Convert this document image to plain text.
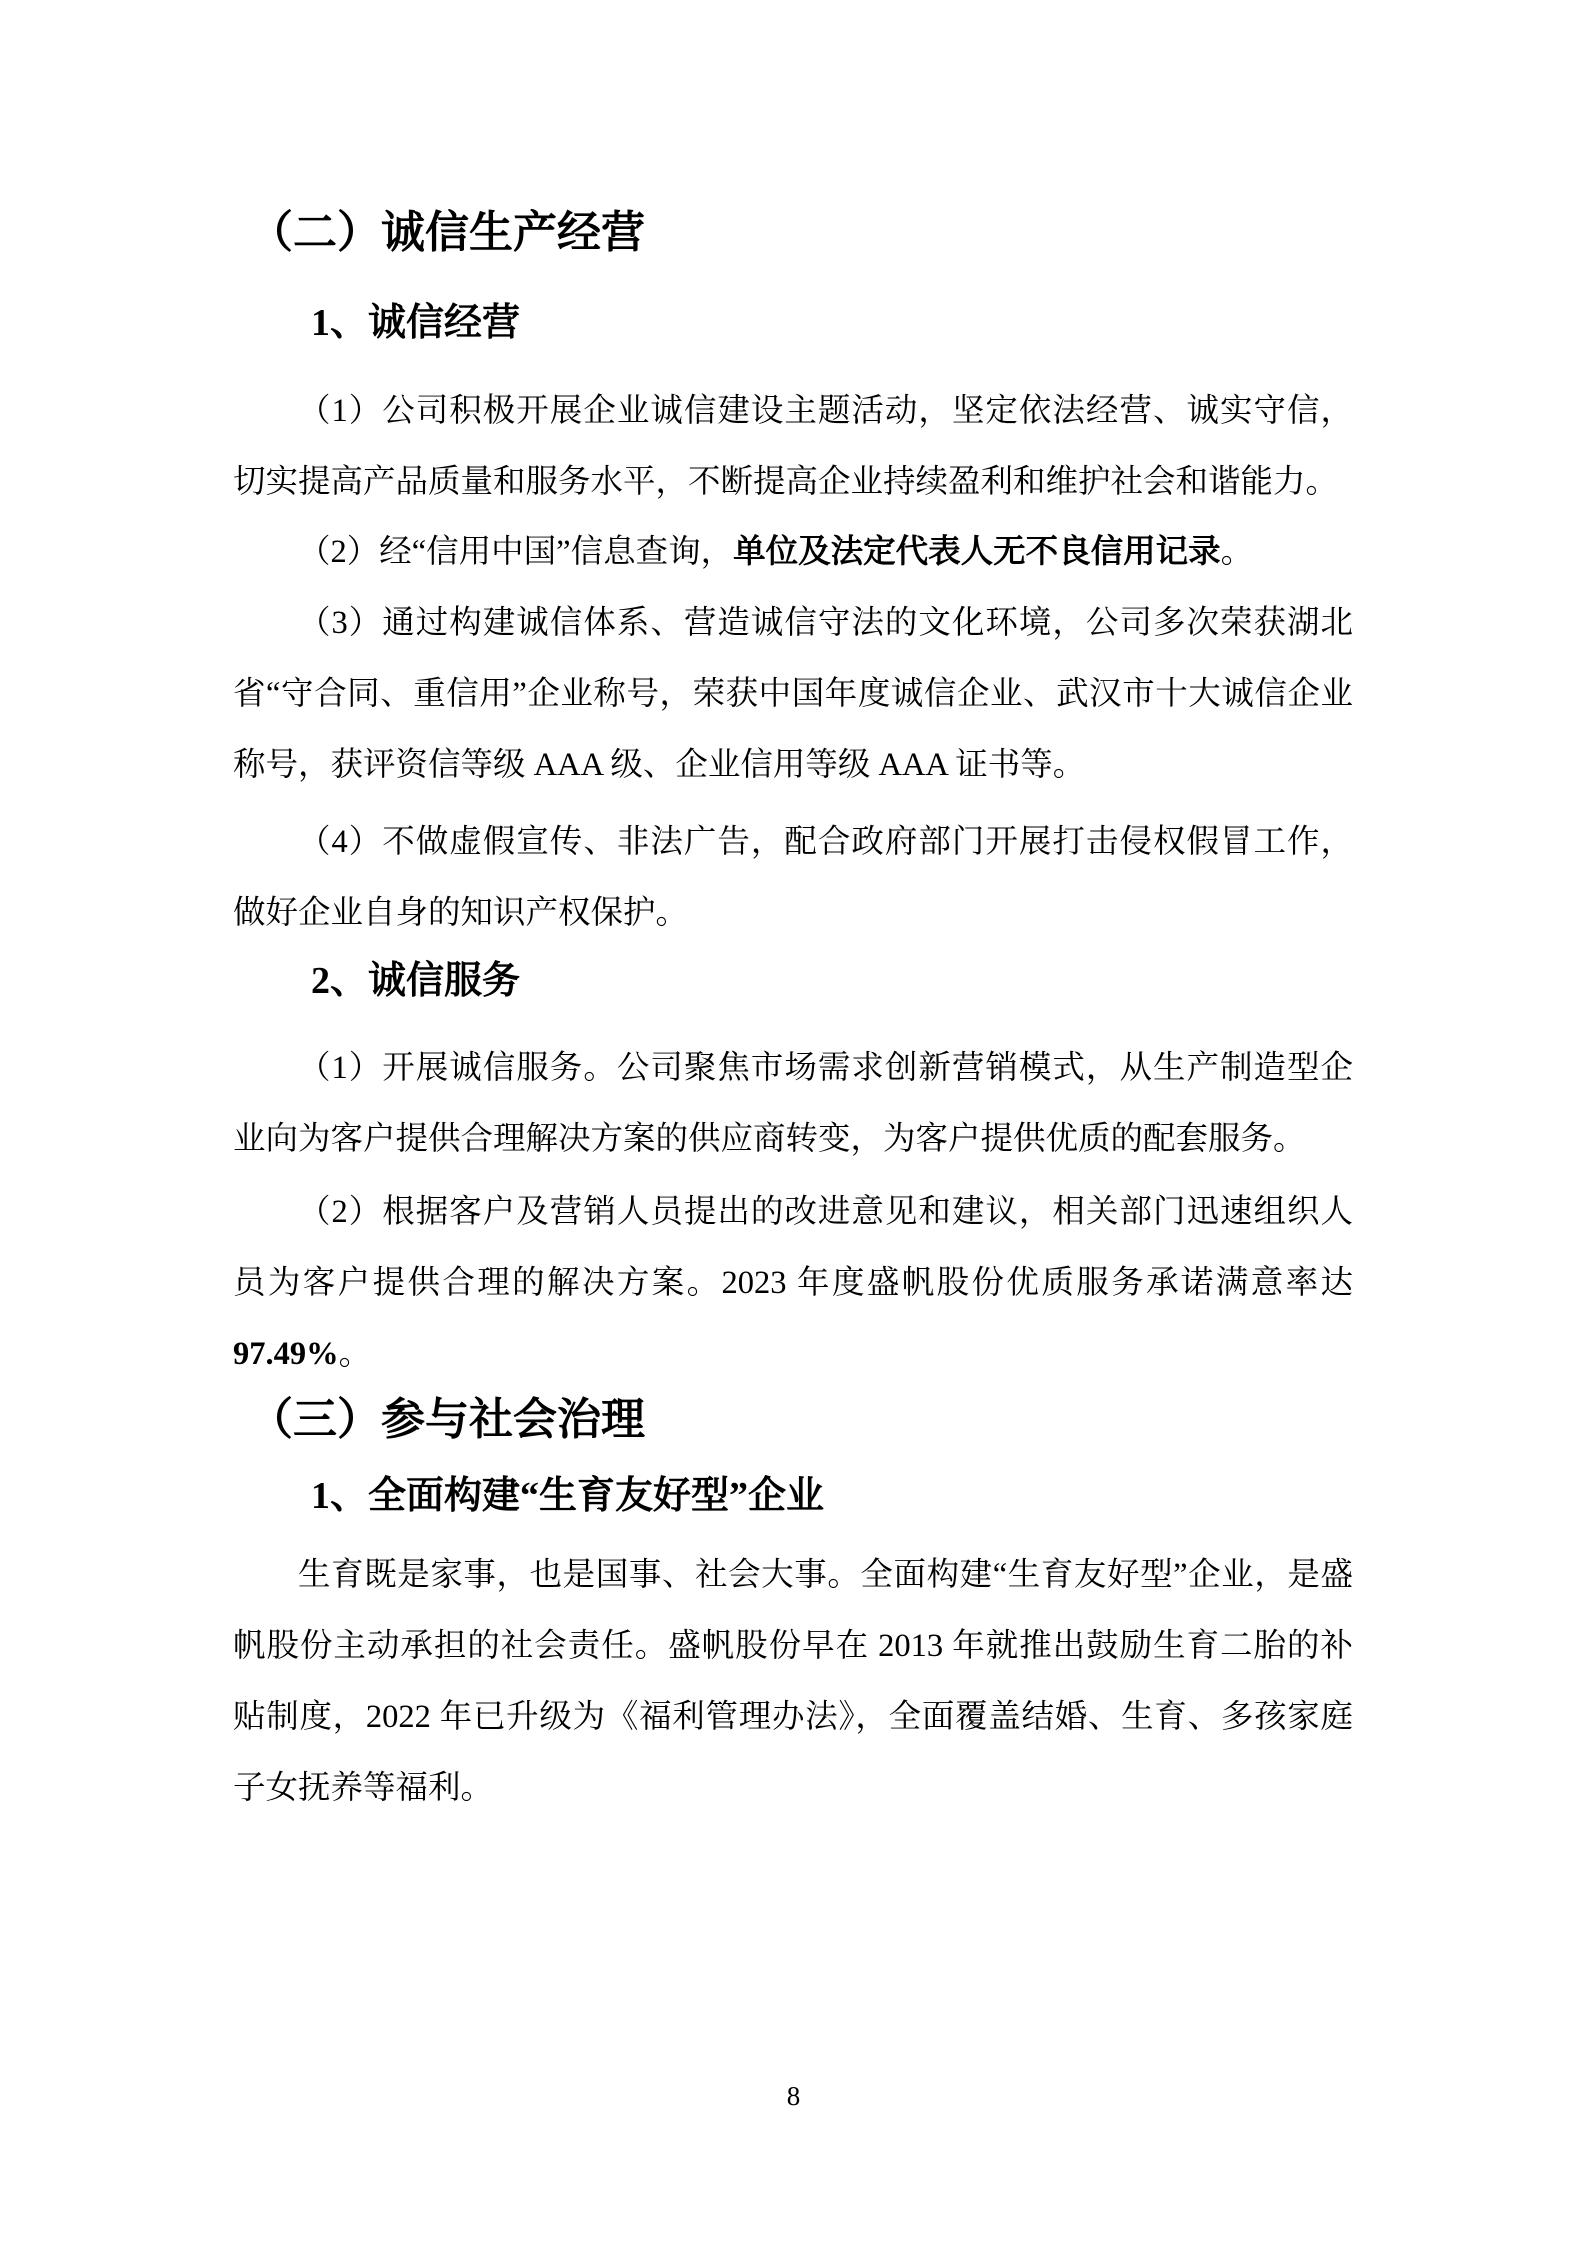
（二）诚信生产经营
1、诚信经营

（1）公司积极开展企业诚信建设主题活动，坚定依法经营、诚实守信，切实提高产品质量和服务水平，不断提高企业持续盈利和维护社会和谐能力。

（2）经“信用中国”信息查询，单位及法定代表人无不良信用记录。

（3）通过构建诚信体系、营造诚信守法的文化环境，公司多次荣获湖北省“守合同、重信用”企业称号，荣获中国年度诚信企业、武汉市十大诚信企业称号，获评资信等级 AAA 级、企业信用等级 AAA 证书等。

（4）不做虚假宣传、非法广告，配合政府部门开展打击侵权假冒工作，做好企业自身的知识产权保护。

2、诚信服务

（1）开展诚信服务。公司聚焦市场需求创新营销模式，从生产制造型企业向为客户提供合理解决方案的供应商转变，为客户提供优质的配套服务。

（2）根据客户及营销人员提出的改进意见和建议，相关部门迅速组织人员为客户提供合理的解决方案。2023 年度盛帆股份优质服务承诺满意率达97.49%。

（三）参与社会治理
1、全面构建“生育友好型”企业

生育既是家事，也是国事、社会大事。全面构建“生育友好型”企业，是盛帆股份主动承担的社会责任。盛帆股份早在 2013 年就推出鼓励生育二胎的补贴制度，2022 年已升级为《福利管理办法》，全面覆盖结婚、生育、多孩家庭子女抚养等福利。

8
